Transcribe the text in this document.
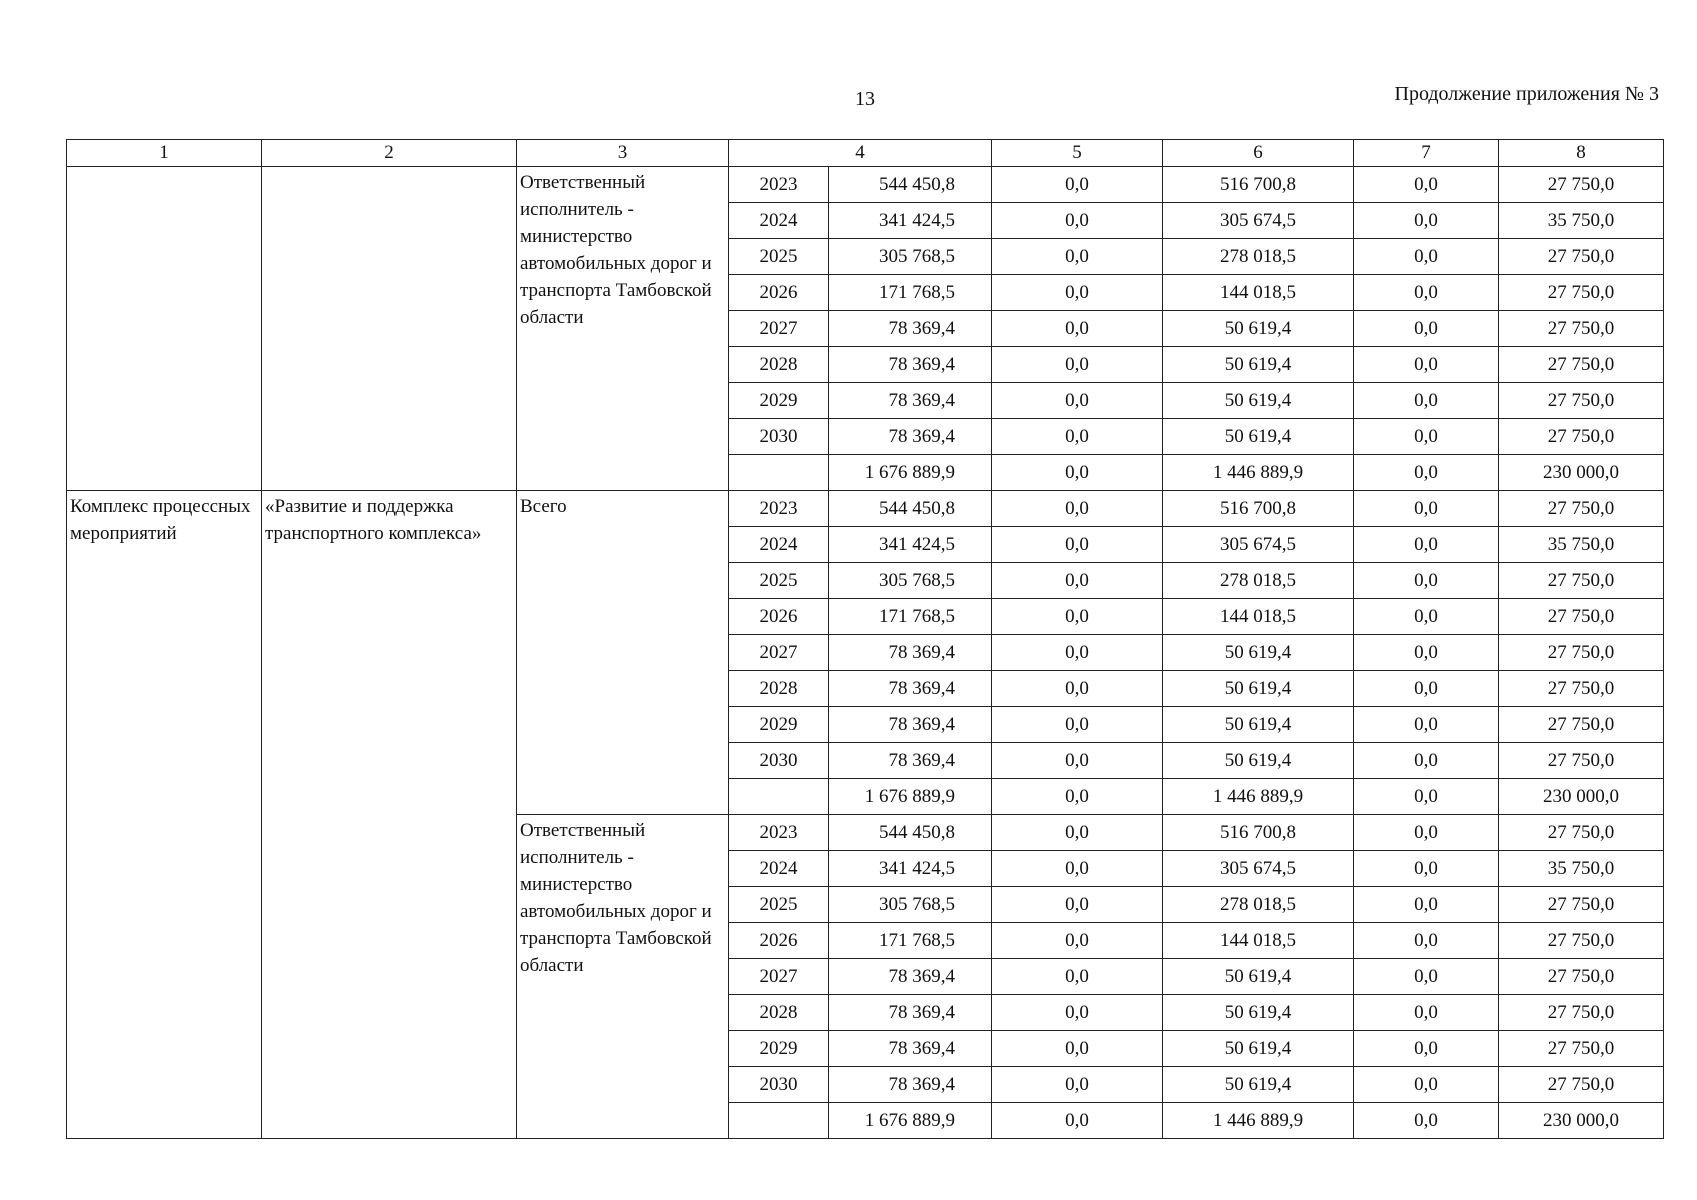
13	Продолжение приложения № 3
1	2	3	4		5	6	7	8
		Ответственный исполнитель - министерство автомобильных дорог и транспорта Тамбовской области	2023	544 450,8	0,0	516 700,8	0,0	27 750,0
			2024	341 424,5	0,0	305 674,5	0,0	35 750,0
			2025	305 768,5	0,0	278 018,5	0,0	27 750,0
			2026	171 768,5	0,0	144 018,5	0,0	27 750,0
			2027	78 369,4	0,0	50 619,4	0,0	27 750,0
			2028	78 369,4	0,0	50 619,4	0,0	27 750,0
			2029	78 369,4	0,0	50 619,4	0,0	27 750,0
			2030	78 369,4	0,0	50 619,4	0,0	27 750,0
				1 676 889,9	0,0	1 446 889,9	0,0	230 000,0
Комплекс процессных мероприятий	«Развитие и поддержка транспортного комплекса»	Всего	2023	544 450,8	0,0	516 700,8	0,0	27 750,0
			2024	341 424,5	0,0	305 674,5	0,0	35 750,0
			2025	305 768,5	0,0	278 018,5	0,0	27 750,0
			2026	171 768,5	0,0	144 018,5	0,0	27 750,0
			2027	78 369,4	0,0	50 619,4	0,0	27 750,0
			2028	78 369,4	0,0	50 619,4	0,0	27 750,0
			2029	78 369,4	0,0	50 619,4	0,0	27 750,0
			2030	78 369,4	0,0	50 619,4	0,0	27 750,0
				1 676 889,9	0,0	1 446 889,9	0,0	230 000,0
		Ответственный исполнитель - министерство автомобильных дорог и транспорта Тамбовской области	2023	544 450,8	0,0	516 700,8	0,0	27 750,0
			2024	341 424,5	0,0	305 674,5	0,0	35 750,0
			2025	305 768,5	0,0	278 018,5	0,0	27 750,0
			2026	171 768,5	0,0	144 018,5	0,0	27 750,0
			2027	78 369,4	0,0	50 619,4	0,0	27 750,0
			2028	78 369,4	0,0	50 619,4	0,0	27 750,0
			2029	78 369,4	0,0	50 619,4	0,0	27 750,0
			2030	78 369,4	0,0	50 619,4	0,0	27 750,0
				1 676 889,9	0,0	1 446 889,9	0,0	230 000,0
